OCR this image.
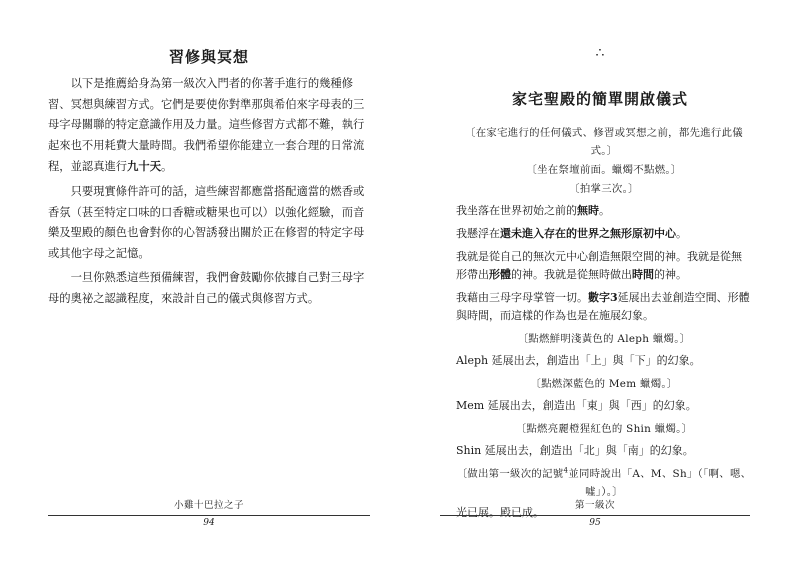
習修與冥想

以下是推薦給身為第一級次入門者的你著手進行的幾種修習、冥想與練習方式。它們是要使你對準那與希伯來字母表的三母字母關聯的特定意識作用及力量。這些修習方式都不難，執行起來也不用耗費大量時間。我們希望你能建立一套合理的日常流程，並認真進行九十天。

只要現實條件許可的話，這些練習都應當搭配適當的燃香或香氛（甚至特定口味的口香糖或糖果也可以）以強化經驗，而音樂及聖殿的顏色也會對你的心智誘發出關於正在修習的特定字母或其他字母之記憶。

一旦你熟悉這些預備練習，我們會鼓勵你依據自己對三母字母的奧祕之認識程度，來設計自己的儀式與修習方式。

小雞十巴拉之子
94
∴
家宅聖殿的簡單開啟儀式

〔在家宅進行的任何儀式、修習或冥想之前，都先進行此儀式。〕

〔坐在祭壇前面。蠟燭不點燃。〕

〔拍掌三次。〕

我坐落在世界初始之前的無時。

我懸浮在還未進入存在的世界之無形原初中心。

我就是從自己的無次元中心創造無限空間的神。我就是從無形帶出形體的神。我就是從無時做出時間的神。

我藉由三母字母掌管一切。數字3延展出去並創造空間、形體與時間，而這樣的作為也是在施展幻象。

〔點燃鮮明淺黃色的 Aleph 蠟燭。〕

Aleph 延展出去，創造出「上」與「下」的幻象。

〔點燃深藍色的 Mem 蠟燭。〕

Mem 延展出去，創造出「東」與「西」的幻象。

〔點燃亮麗橙猩紅色的 Shin 蠟燭。〕

Shin 延展出去，創造出「北」與「南」的幻象。

〔做出第一級次的記號$^4$並同時說出「A、M、Sh」（「啊、嗯、噓」）。〕

光已展。殿已成。

第一級次
95
